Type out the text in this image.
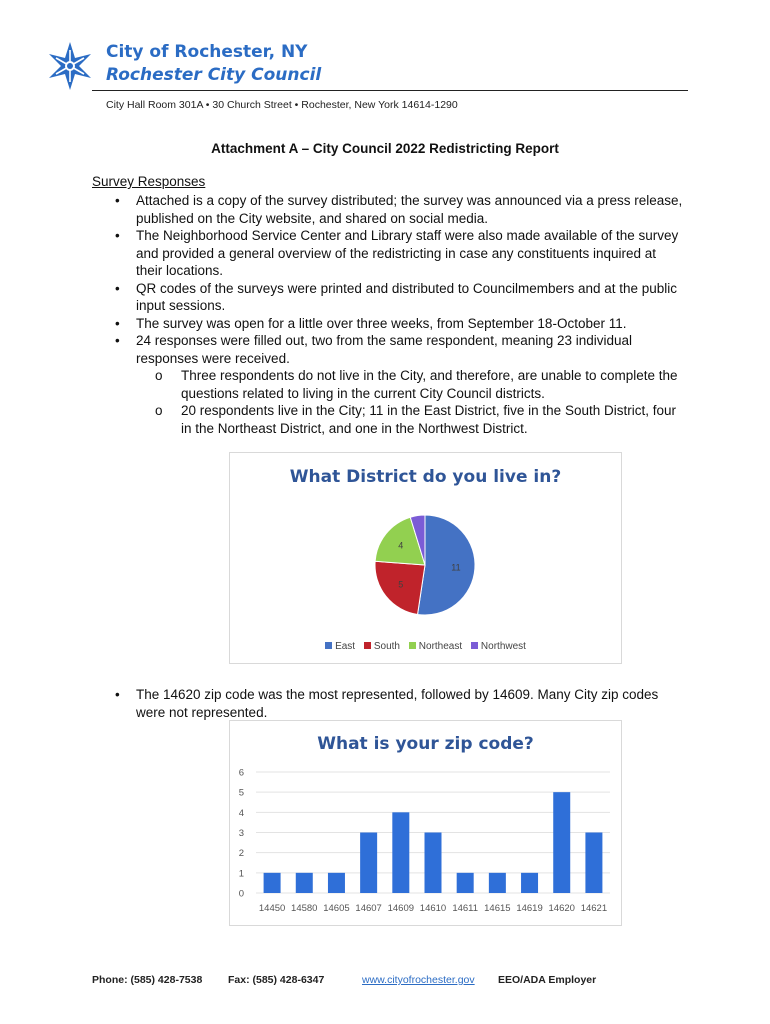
City of Rochester, NY
Rochester City Council
City Hall Room 301A • 30 Church Street • Rochester, New York 14614-1290
Attachment A – City Council 2022 Redistricting Report
Survey Responses
• Attached is a copy of the survey distributed; the survey was announced via a press release, published on the City website, and shared on social media.
• The Neighborhood Service Center and Library staff were also made available of the survey and provided a general overview of the redistricting in case any constituents inquired at their locations.
• QR codes of the surveys were printed and distributed to Councilmembers and at the public input sessions.
• The survey was open for a little over three weeks, from September 18-October 11.
• 24 responses were filled out, two from the same respondent, meaning 23 individual responses were received.
o Three respondents do not live in the City, and therefore, are unable to complete the questions related to living in the current City Council districts.
o 20 respondents live in the City; 11 in the East District, five in the South District, four in the Northeast District, and one in the Northwest District.
What District do you live in?
11
5
4
East South Northeast Northwest
• The 14620 zip code was the most represented, followed by 14609. Many City zip codes were not represented.
What is your zip code?
0
1
2
3
4
5
6
14450 14580 14605 14607 14609 14610 14611 14615 14619 14620 14621
Phone: (585) 428-7538 Fax: (585) 428-6347	www.cityofrochester.gov EEO/ADA Employer
